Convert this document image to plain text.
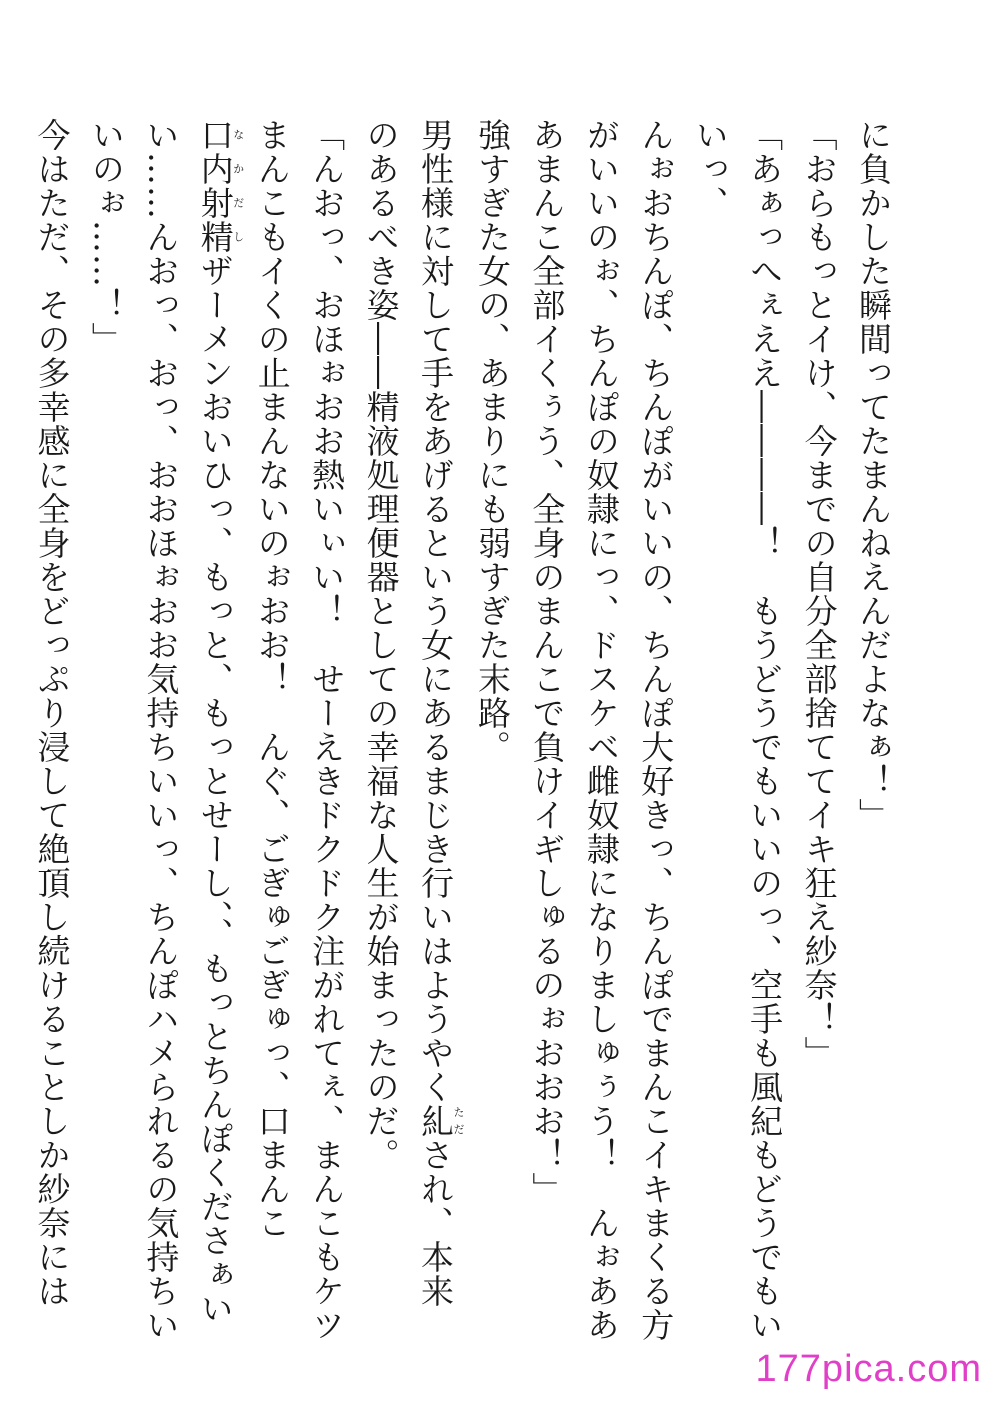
に負かした瞬間ってたまんねえんだよなぁ！」

「おらもっとイけ、今までの自分全部捨ててイキ狂え紗奈！」

「あぁっへぇええ――――！　もうどうでもいいのっ、空手も風紀もどうでもいいっ、

んぉおちんぽ、ちんぽがいいの、ちんぽ大好きっ、ちんぽでまんこイキまくる方

がいいのぉ、ちんぽの奴隷にっ、ドスケベ雌奴隷になりましゅぅう！　んぉああ

あまんこ全部イくぅう、全身のまんこで負けイギしゅるのぉおおお！」

強すぎた女の、あまりにも弱すぎた末路。

男性様に対して手をあげるという女にあるまじき行いはようやく糺ただされ、本来

のあるべき姿――精液処理便器としての幸福な人生が始まったのだ。

「んおっ、おほぉおお熱いぃい！　せーえきドクドク注がれてぇ、まんこもケツ

まんこもイくの止まんないのぉおお！　んぐ、ごぎゅごぎゅっ、口まんこ

口内射精なかだしザーメンおいひっ、もっと、もっとせーし、、もっとちんぽくださぁい

い……んおっ、おっ、おおほぉおお気持ちいいっ、ちんぽハメられるの気持ちい

いのぉ……！」

今はただ、その多幸感に全身をどっぷり浸して絶頂し続けることしか紗奈には

177pica.com
